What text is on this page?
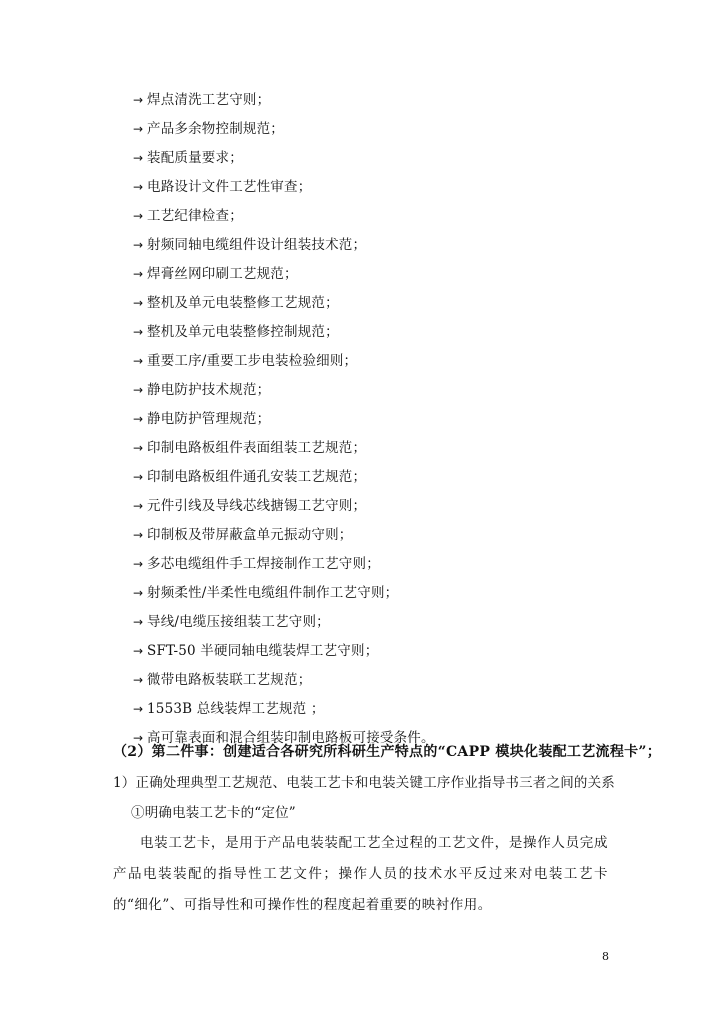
→ 焊点清洗工艺守则；
→ 产品多余物控制规范；
→ 装配质量要求；
→ 电路设计文件工艺性审查；
→ 工艺纪律检查；
→ 射频同轴电缆组件设计组装技术范；
→ 焊膏丝网印刷工艺规范；
→ 整机及单元电装整修工艺规范；
→ 整机及单元电装整修控制规范；
→ 重要工序/重要工步电装检验细则；
→ 静电防护技术规范；
→ 静电防护管理规范；
→ 印制电路板组件表面组装工艺规范；
→ 印制电路板组件通孔安装工艺规范；
→ 元件引线及导线芯线搪锡工艺守则；
→ 印制板及带屏蔽盒单元振动守则；
→ 多芯电缆组件手工焊接制作工艺守则；
→ 射频柔性/半柔性电缆组件制作工艺守则；
→ 导线/电缆压接组装工艺守则；
→ SFT-50 半硬同轴电缆装焊工艺守则；
→ 微带电路板装联工艺规范；
→ 1553B 总线装焊工艺规范 ；
→ 高可靠表面和混合组装印制电路板可接受条件。
（2）第二件事：创建适合各研究所科研生产特点的“CAPP 模块化装配工艺流程卡”；
1）正确处理典型工艺规范、电装工艺卡和电装关键工序作业指导书三者之间的关系
①明确电装工艺卡的“定位”
电装工艺卡，是用于产品电装装配工艺全过程的工艺文件，是操作人员完成产品电装装配的指导性工艺文件；操作人员的技术水平反过来对电装工艺卡的“细化”、可指导性和可操作性的程度起着重要的映衬作用。
8
